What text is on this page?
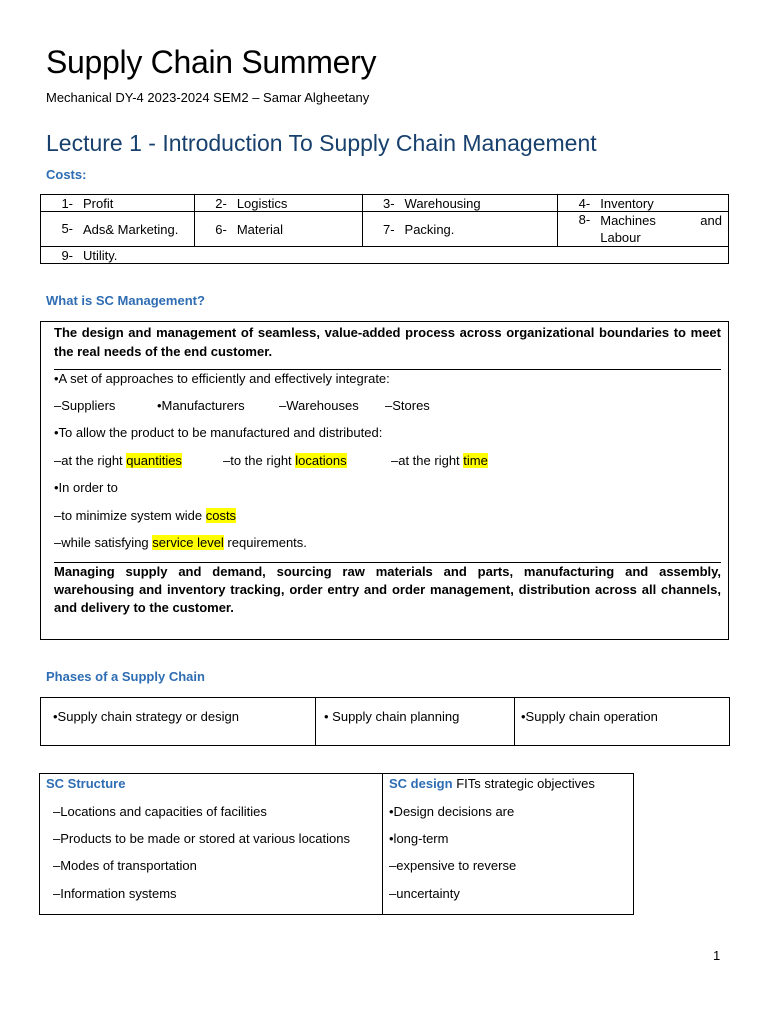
Supply Chain Summery
Mechanical DY-4 2023-2024 SEM2 – Samar Algheetany
Lecture 1 - Introduction To Supply Chain Management
Costs:
1- Profit	2- Logistics	3- Warehousing	4- Inventory

5- Ads& Marketing.	6- Material	7- Packing.	8- Machines and Labour

9- Utility.			
What is SC Management?
The design and management of seamless, value-added process across organizational boundaries to meet the real needs of the end customer.
•A set of approaches to efficiently and effectively integrate:
–Suppliers	•Manufacturers	–Warehouses –Stores
•To allow the product to be manufactured and distributed:
–at the right quantities	–to the right locations	–at the right time
•In order to
–to minimize system wide costs
–while satisfying service level requirements.
Managing supply and demand, sourcing raw materials and parts, manufacturing and assembly, warehousing and inventory tracking, order entry and order management, distribution across all channels, and delivery to the customer.
Phases of a Supply Chain
•Supply chain strategy or design	• Supply chain planning	•Supply chain operation
SC Structure
–Locations and capacities of facilities
–Products to be made or stored at various locations
–Modes of transportation
–Information systems

SC design FITs strategic objectives
•Design decisions are
•long-term
–expensive to reverse
–uncertainty
1
